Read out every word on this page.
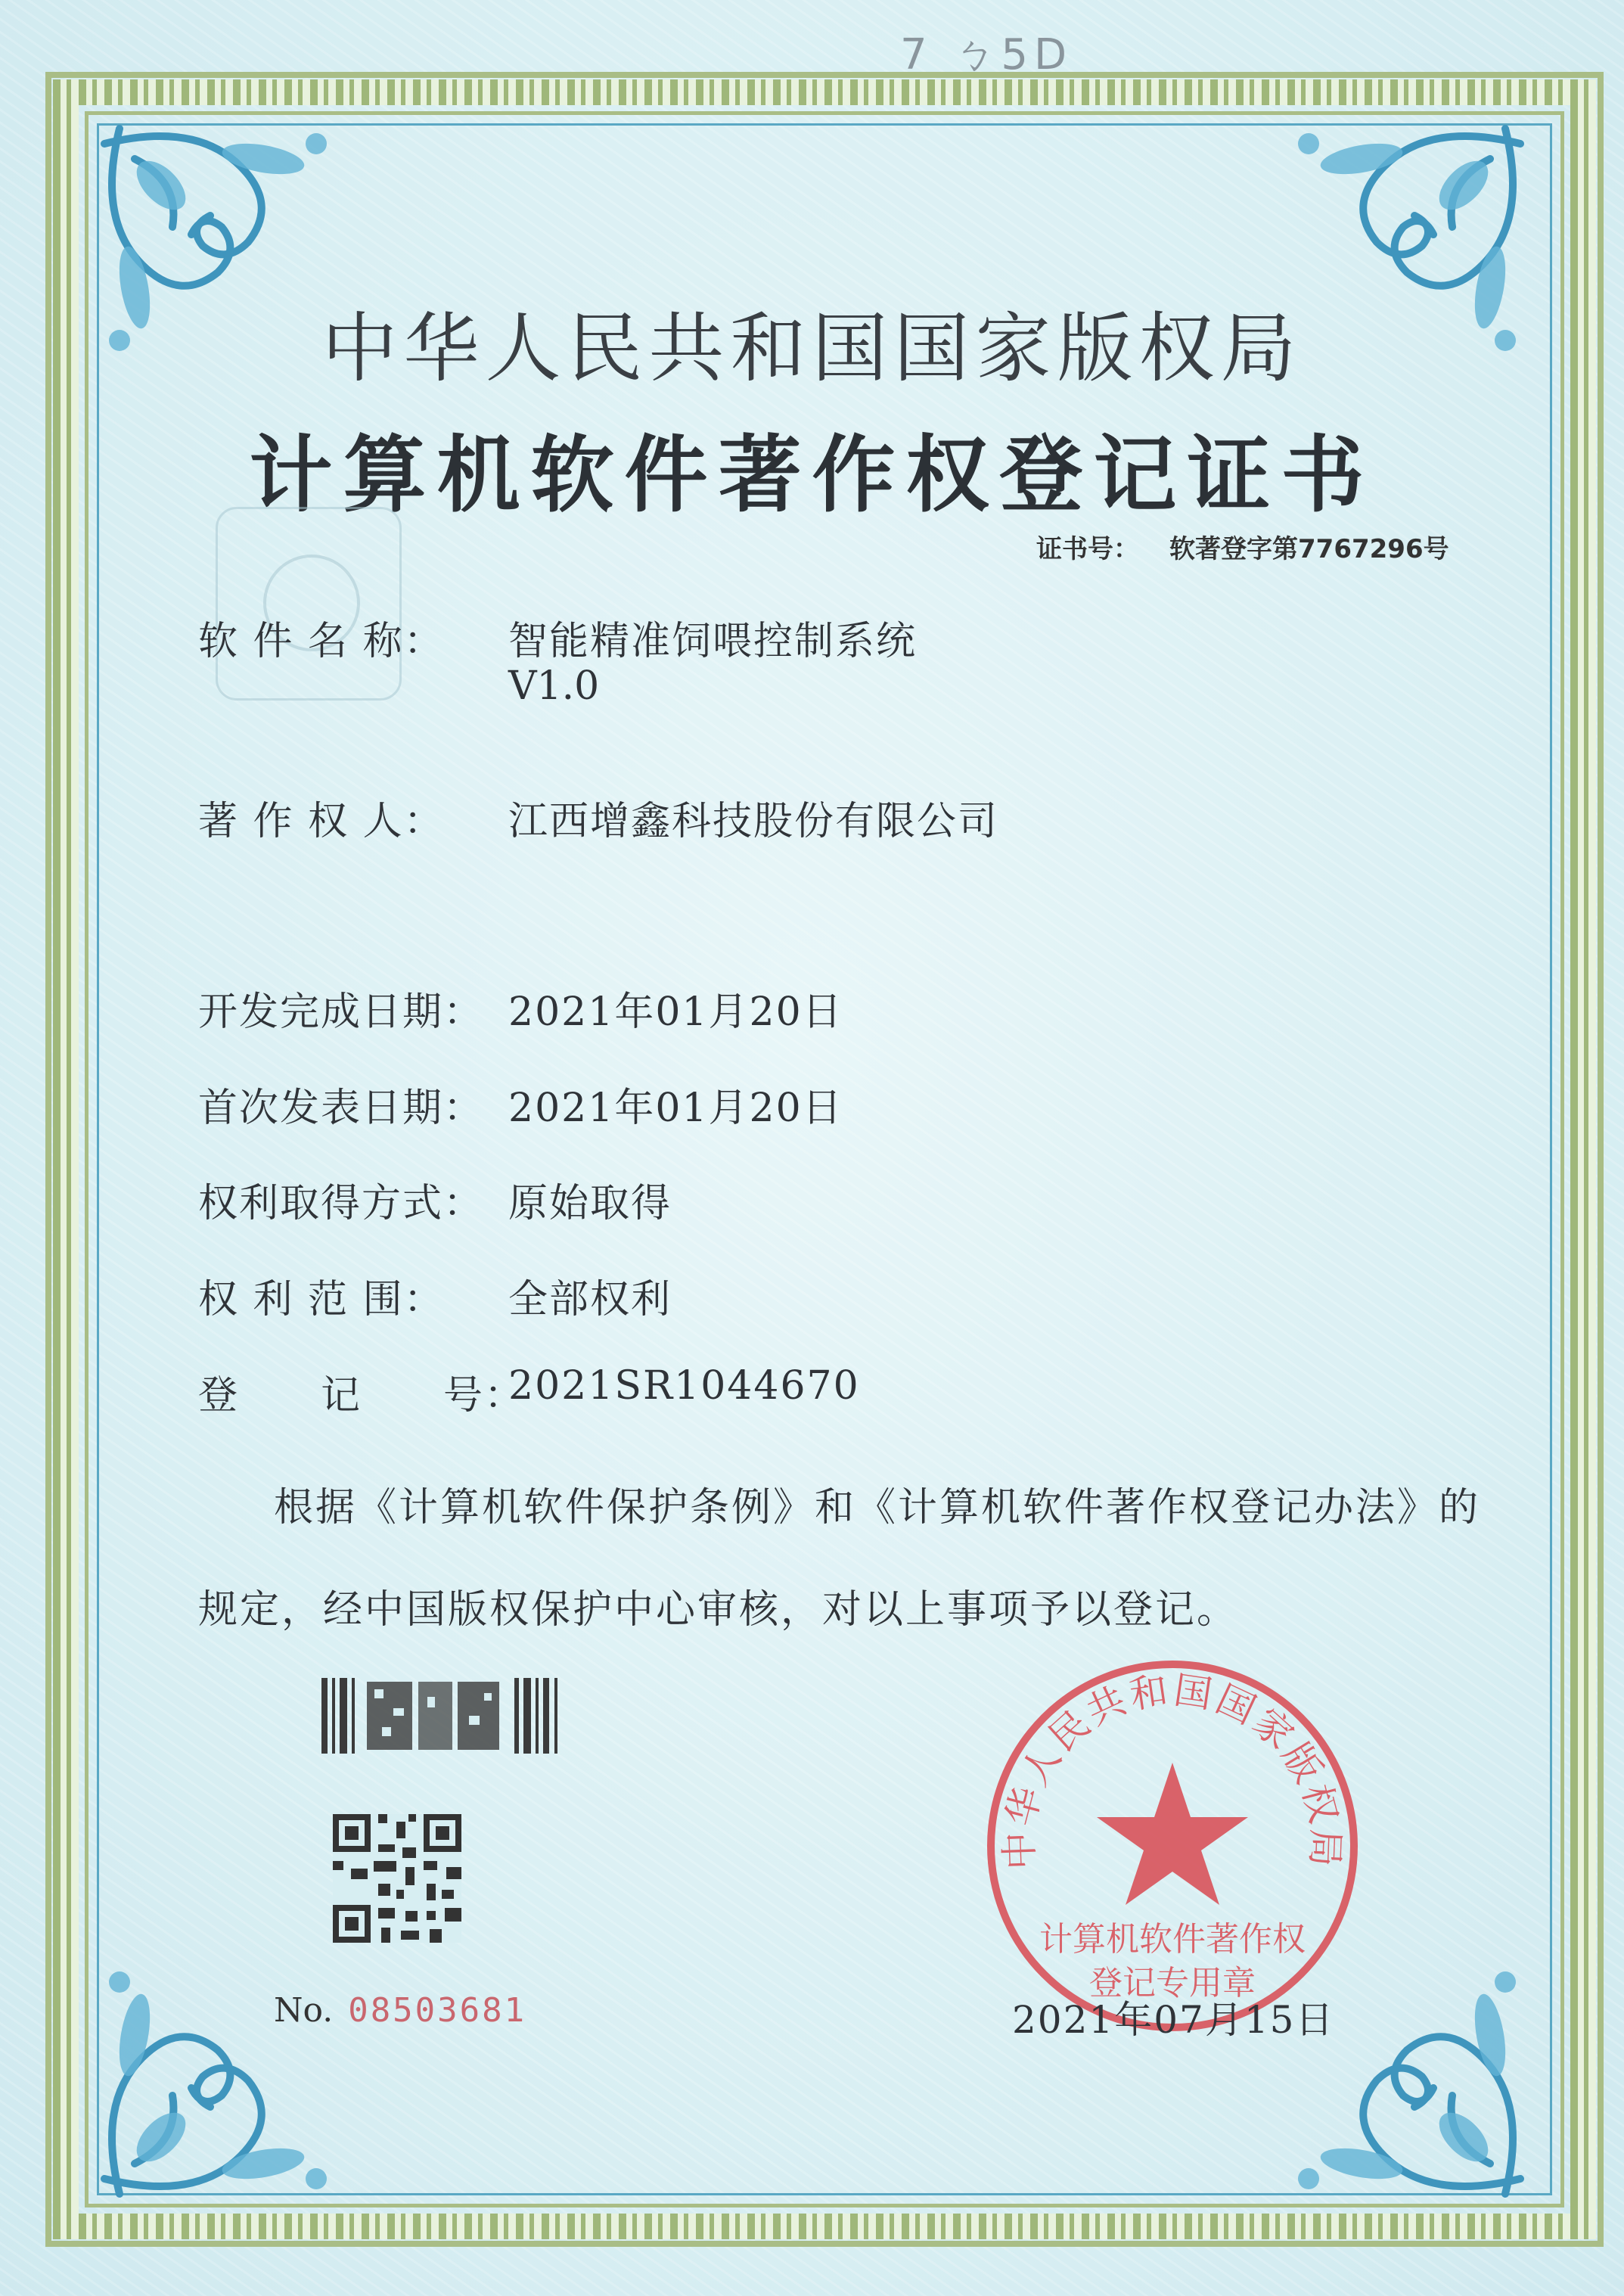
7 ㄅ5D
中华人民共和国国家版权局
计算机软件著作权登记证书
证书号： 软著登字第7767296号
软 件 名 称： 智能精准饲喂控制系统
V1.0
著 作 权 人： 江西增鑫科技股份有限公司
开发完成日期： 2021年01月20日
首次发表日期： 2021年01月20日
权利取得方式： 原始取得
权 利 范 围： 全部权利
登　　记　　号：
2021SR1044670
根据《计算机软件保护条例》和《计算机软件著作权登记办法》的
规定，经中国版权保护中心审核，对以上事项予以登记。
No. 08503681
中华人民共和国国家版权局
计算机软件著作权
登记专用章
2021年07月15日
